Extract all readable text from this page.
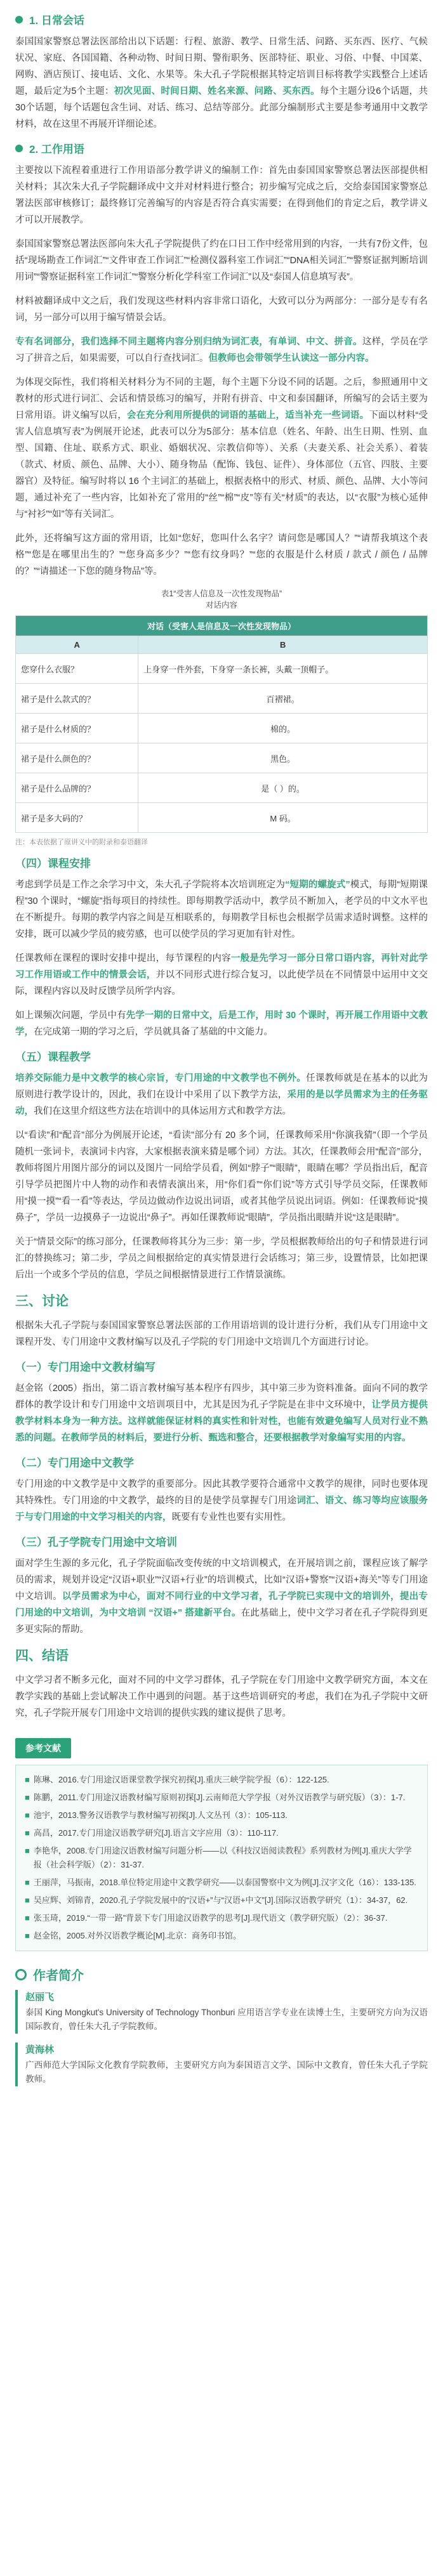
1. 日常会话

泰国国家警察总署法医部给出以下话题：行程、旅游、教学、日常生活、问路、买东西、医疗、气候状况、家庭、各国国籍、各种动物、时间日期、警衔职务、医部特征、职业、习俗、中餐、中国菜、网购、酒店预订、接电话、文化、水果等。朱大孔子学院根据其特定培训目标将教学实践整合上述话题，最后定为5个主题：初次见面、时间日期、姓名来源、问路、买东西。每个主题分设6个话题，共30个话题，每个话题包含生词、对话、练习、总结等部分。此部分编制形式主要是参考通用中文教学材料，故在这里不再展开详细论述。

2. 工作用语

主要按以下流程着重进行工作用语部分教学讲义的编制工作：首先由泰国国家警察总署法医部提供相关材料；其次朱大孔子学院翻译成中文并对材料进行整合；初步编写完成之后，交给泰国国家警察总署法医部审核修订；最终修订完善编写的内容是否符合真实需要；在得到他们的肯定之后，教学讲义才可以开展教学。

泰国国家警察总署法医部向朱大孔子学院提供了约在口日工作中经常用到的内容，一共有7份文件，包括“现场勘查工作词汇”“文件审查工作词汇”“检测仪器科室工作词汇”“DNA相关词汇”“警察证据判断培训用词”“警察证据科室工作词汇”“警察分析化学科室工作词汇”以及“泰国人信息填写表”。

材料被翻译成中文之后，我们发现这些材料内容非常口语化，大致可以分为两部分：一部分是专有名词，另一部分可以用于编写情景会话。

专有名词部分，我们选择不同主题将内容分别归纳为词汇表，有单词、中文、拼音。这样，学员在学习了拼音之后，如果需要，可以自行查找词汇。但教师也会带领学生认读这一部分内容。

为体现交际性，我们将相关材料分为不同的主题，每个主题下分设不同的话题。之后，参照通用中文教材的形式进行词汇、会话和情景练习的编写，并附有拼音、中文和泰国翻译，所编写的会话主要为日常用语。讲义编写以后，会在充分利用所提供的词语的基础上，适当补充一些词语。下面以材料“受害人信息填写表”为例展开论述，此表可以分为5部分：基本信息（姓名、年龄、出生日期、性别、血型、国籍、住址、联系方式、职业、婚姻状况、宗教信仰等）、关系（夫妻关系、社会关系）、着装（款式、材质、颜色、品牌、大小）、随身物品（配饰、钱包、证件）、身体部位（五官、四肢、主要器官）及特征。编写时将以 16 个主词汇的基础上，根据表格中的形式、材质、颜色、品牌、大小等问题，通过补充了一些内容，比如补充了常用的“丝”“棉”“皮”等有关“材质”的表达，以“衣服”为核心延伸与“衬衫”“如”等有关词汇。

此外，还将编写这方面的常用语，比如“您好，您叫什么名字？请问您是哪国人？”“请帮我填这个表格”“您是在哪里出生的？”“您身高多少？”“您有纹身吗？”“您的衣服是什么材质 / 款式 / 颜色 / 品牌的？”“请描述一下您的随身物品”等。

表1“受害人信息及一次性发现物品”
对话内容
对话（受害人是信息及一次性发现物品）	
A	B
您穿什么衣服？	上身穿一件外套，下身穿一条长裤，头戴一顶帽子。
裙子是什么款式的？	百褶裙。
裙子是什么材质的？	棉的。
裙子是什么颜色的？	黑色。
裙子是什么品牌的？	是（ ）的。
裙子是多大码的？	M 码。
注：本表依据了原讲义中的附录和泰语翻译
（四）课程安排

考虑到学员是工作之余学习中文，朱大孔子学院将本次培训班定为“短期的螺旋式”模式，每期“短期课程”30 个课时，“螺旋”指每项目的持续性。即每期教学活动中，教学员不断加入，老学员的中文水平也在不断提升。每期的教学内容之间是互相联系的，每期教学目标也会根据学员需求适时调整。这样的安排，既可以减少学员的疲劳感，也可以使学员的学习更加有针对性。

任课教师在课程的课时安排中提出，每节课程的内容一般是先学习一部分日常口语内容，再针对此学习工作用语或工作中的情景会话，并以不同形式进行综合复习，以此使学员在不同情景中运用中文交际，课程内容以及时反馈学员所学内容。

如上课频次问题，学员中有先学一期的日常中文，后是工作，用时 30 个课时，再开展工作用语中文教学，在完成第一期的学习之后，学员就具备了基础的中文能力。

（五）课程教学

培养交际能力是中文教学的核心宗旨，专门用途的中文教学也不例外。任课教师就是在基本的以此为原则进行教学设计的，因此，我们在设计中采用了以下教学方法，采用的是以学员需求为主的任务驱动，我们在这里介绍这些方法在培训中的具体运用方式和教学方法。

以“看读”和“配音”部分为例展开论述，“看读”部分有 20 多个词，任课教师采用“你演我猜”（即一个学员随机一张词卡，表演词卡内容，大家根据表演来猜是哪个词）方法。其次，任课教师会用“配音”部分，教师将图片用图片部分的词以及图片一同给学员看，例如“脖子”“眼睛”，眼睛在哪？学员指出后，配音引导学员把图片中人物的动作和表情表演出来，用“你们看”“你们说”等方式引导学员交际，任课教师用“摸一摸”“看一看”等表达，学员边做动作边说出词语，或者其他学员说出词语。例如：任课教师说“摸鼻子”，学员一边摸鼻子一边说出“鼻子”。再如任课教师说“眼睛”，学员指出眼睛并说“这是眼睛”。

关于“情景交际”的练习部分，任课教师将其分为三步：第一步，学员根据教师给出的句子和情景进行词汇的替换练习；第二步，学员之间根据给定的真实情景进行会话练习；第三步，设置情景，比如把课后出一个或多个学员的信息，学员之间根据情景进行工作情景演练。

三、讨论

根据朱大孔子学院与泰国国家警察总署法医部的工作用语培训的设计进行分析，我们从专门用途中文课程开发、专门用途中文教材编写以及孔子学院的专门用途中文培训几个方面进行讨论。

（一）专门用途中文教材编写

赵金铭（2005）指出，第二语言教材编写基本程序有四步，其中第三步为资料准备。面向不同的教学群体的教学设计和专门用途中文培训项目中，尤其是因为孔子学院是在非中文环境中，让学员方提供教学材料本身为一种方法。这样就能保证材料的真实性和针对性，也能有效避免编写人员对行业不熟悉的问题。在教师学员的材料后，要进行分析、甄选和整合，还要根据教学对象编写实用的内容。

（二）专门用途中文教学

专门用途的中文教学是中文教学的重要部分。因此其教学要符合通常中文教学的规律，同时也要体现其特殊性。专门用途的中文教学，最终的目的是使学员掌握专门用途词汇、语文、练习等均应该服务于与专门用途的中文学习相关的内容，既要有专业性也要有实用性。

（三）孔子学院专门用途中文培训

面对学生生源的多元化，孔子学院面临改变传统的中文培训模式，在开展培训之前，课程应该了解学员的需求，规划并设定“汉语+职业”“汉语+行业”的培训模式，比如“汉语+警察”“汉语+海关”等专门用途中文培训。以学员需求为中心，面对不同行业的中文学习者，孔子学院已实现中文的培训外，提出专门用途的中文培训，为中文培训 “汉语+” 搭建新平台。在此基础上，使中文学习者在孔子学院得到更多更实际的帮助。

四、结语

中文学习者不断多元化，面对不同的中文学习群体，孔子学院在专门用途中文教学研究方面，本文在教学实践的基础上尝试解决工作中遇到的问题。基于这些培训研究的考虑，我们在为孔子学院中文研究，孔子学院开展专门用途中文培训的提供实践的建议提供了思考。

参考文献
■ 陈琳、2016.专门用途汉语课堂教学探究初探[J].重庆三峡学院学报（6）：122-125.
■ 陈鹏，2011.专门用途汉语教材编写原则初探[J].云南师范大学学报（对外汉语教学与研究版）（3）：1-7.
■ 池宇，2013.警务汉语教学与教材编写初探[J].人文丛刊（3）：105-113.
■ 高昌，2017.专门用途汉语教学研究[J].语言文字应用（3）：110-117.
■ 李艳华，2008.专门用途汉语教材编写问题分析——以《科技汉语阅读教程》系列教材为例[J].重庆大学学报（社会科学版）（2）：31-37.
■ 王丽萍，马振南，2018.单位特定用途中文教学研究——以泰国警察中文为例[J].汉字文化（16）：133-135.
■ 吴应辉、刘锦青，2020.孔子学院发展中的“汉语+”与“汉语+中文”[J].国际汉语教学研究（1）：34-37，62.
■ 张玉琦，2019.“一带一路”背景下专门用途汉语教学的思考[J].现代语文（教学研究版）（2）：36-37.
■ 赵金铭，2005.对外汉语教学概论[M].北京：商务印书馆。
作者简介
赵丽飞

泰国 King Mongkut's University of Technology Thonburi 应用语言学专业在读博士生，主要研究方向为汉语国际教育，曾任朱大孔子学院教师。

黄海林

广西师范大学国际文化教育学院教师，主要研究方向为泰国语言文学、国际中文教育，曾任朱大孔子学院教师。
